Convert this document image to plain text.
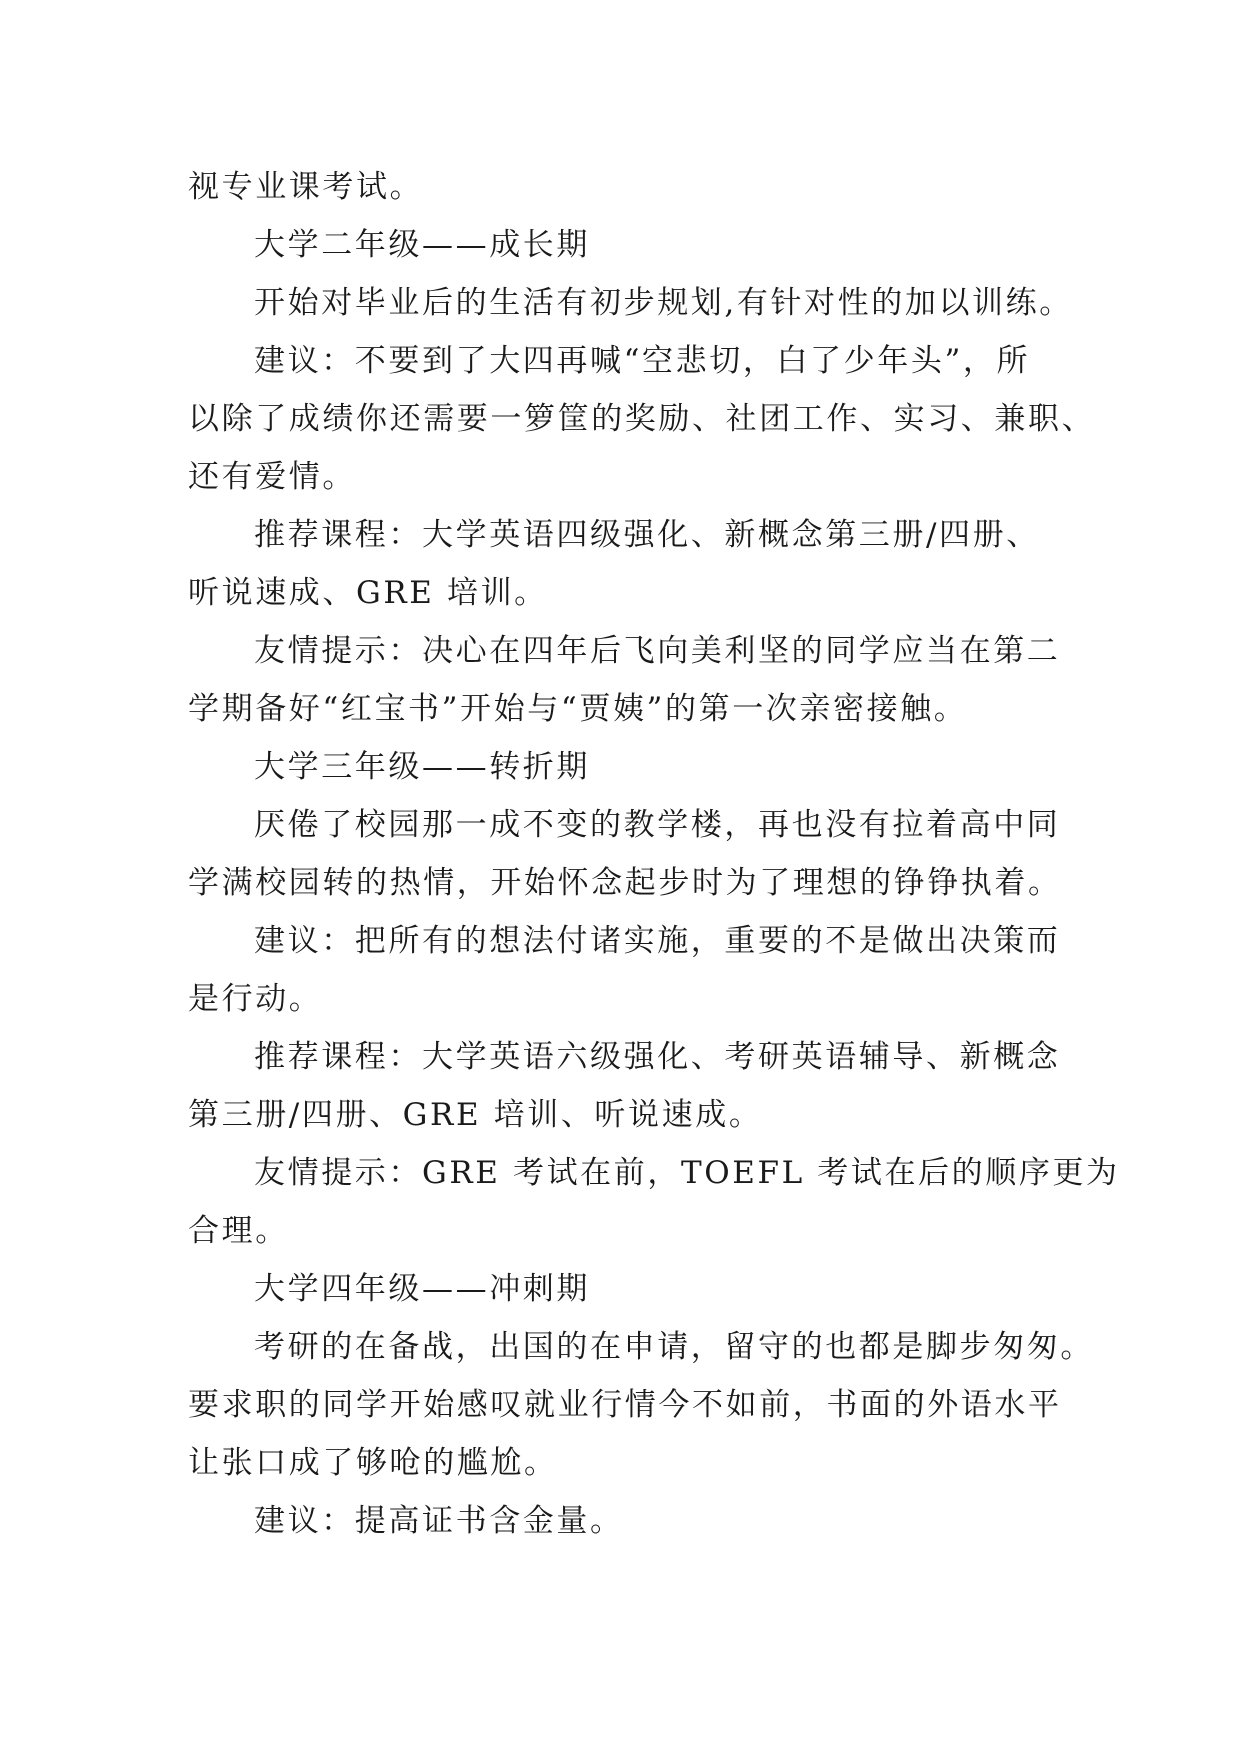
视专业课考试。
大学二年级——成长期
开始对毕业后的生活有初步规划,有针对性的加以训练。
建议：不要到了大四再喊“空悲切，白了少年头”，所
以除了成绩你还需要一箩筐的奖励、社团工作、实习、兼职、
还有爱情。
推荐课程：大学英语四级强化、新概念第三册/四册、
听说速成、GRE 培训。
友情提示：决心在四年后飞向美利坚的同学应当在第二
学期备好“红宝书”开始与“贾姨”的第一次亲密接触。
大学三年级——转折期
厌倦了校园那一成不变的教学楼，再也没有拉着高中同
学满校园转的热情，开始怀念起步时为了理想的铮铮执着。
建议：把所有的想法付诸实施，重要的不是做出决策而
是行动。
推荐课程：大学英语六级强化、考研英语辅导、新概念
第三册/四册、GRE 培训、听说速成。
友情提示：GRE 考试在前，TOEFL 考试在后的顺序更为
合理。
大学四年级——冲刺期
考研的在备战，出国的在申请，留守的也都是脚步匆匆。
要求职的同学开始感叹就业行情今不如前，书面的外语水平
让张口成了够呛的尴尬。
建议：提高证书含金量。
